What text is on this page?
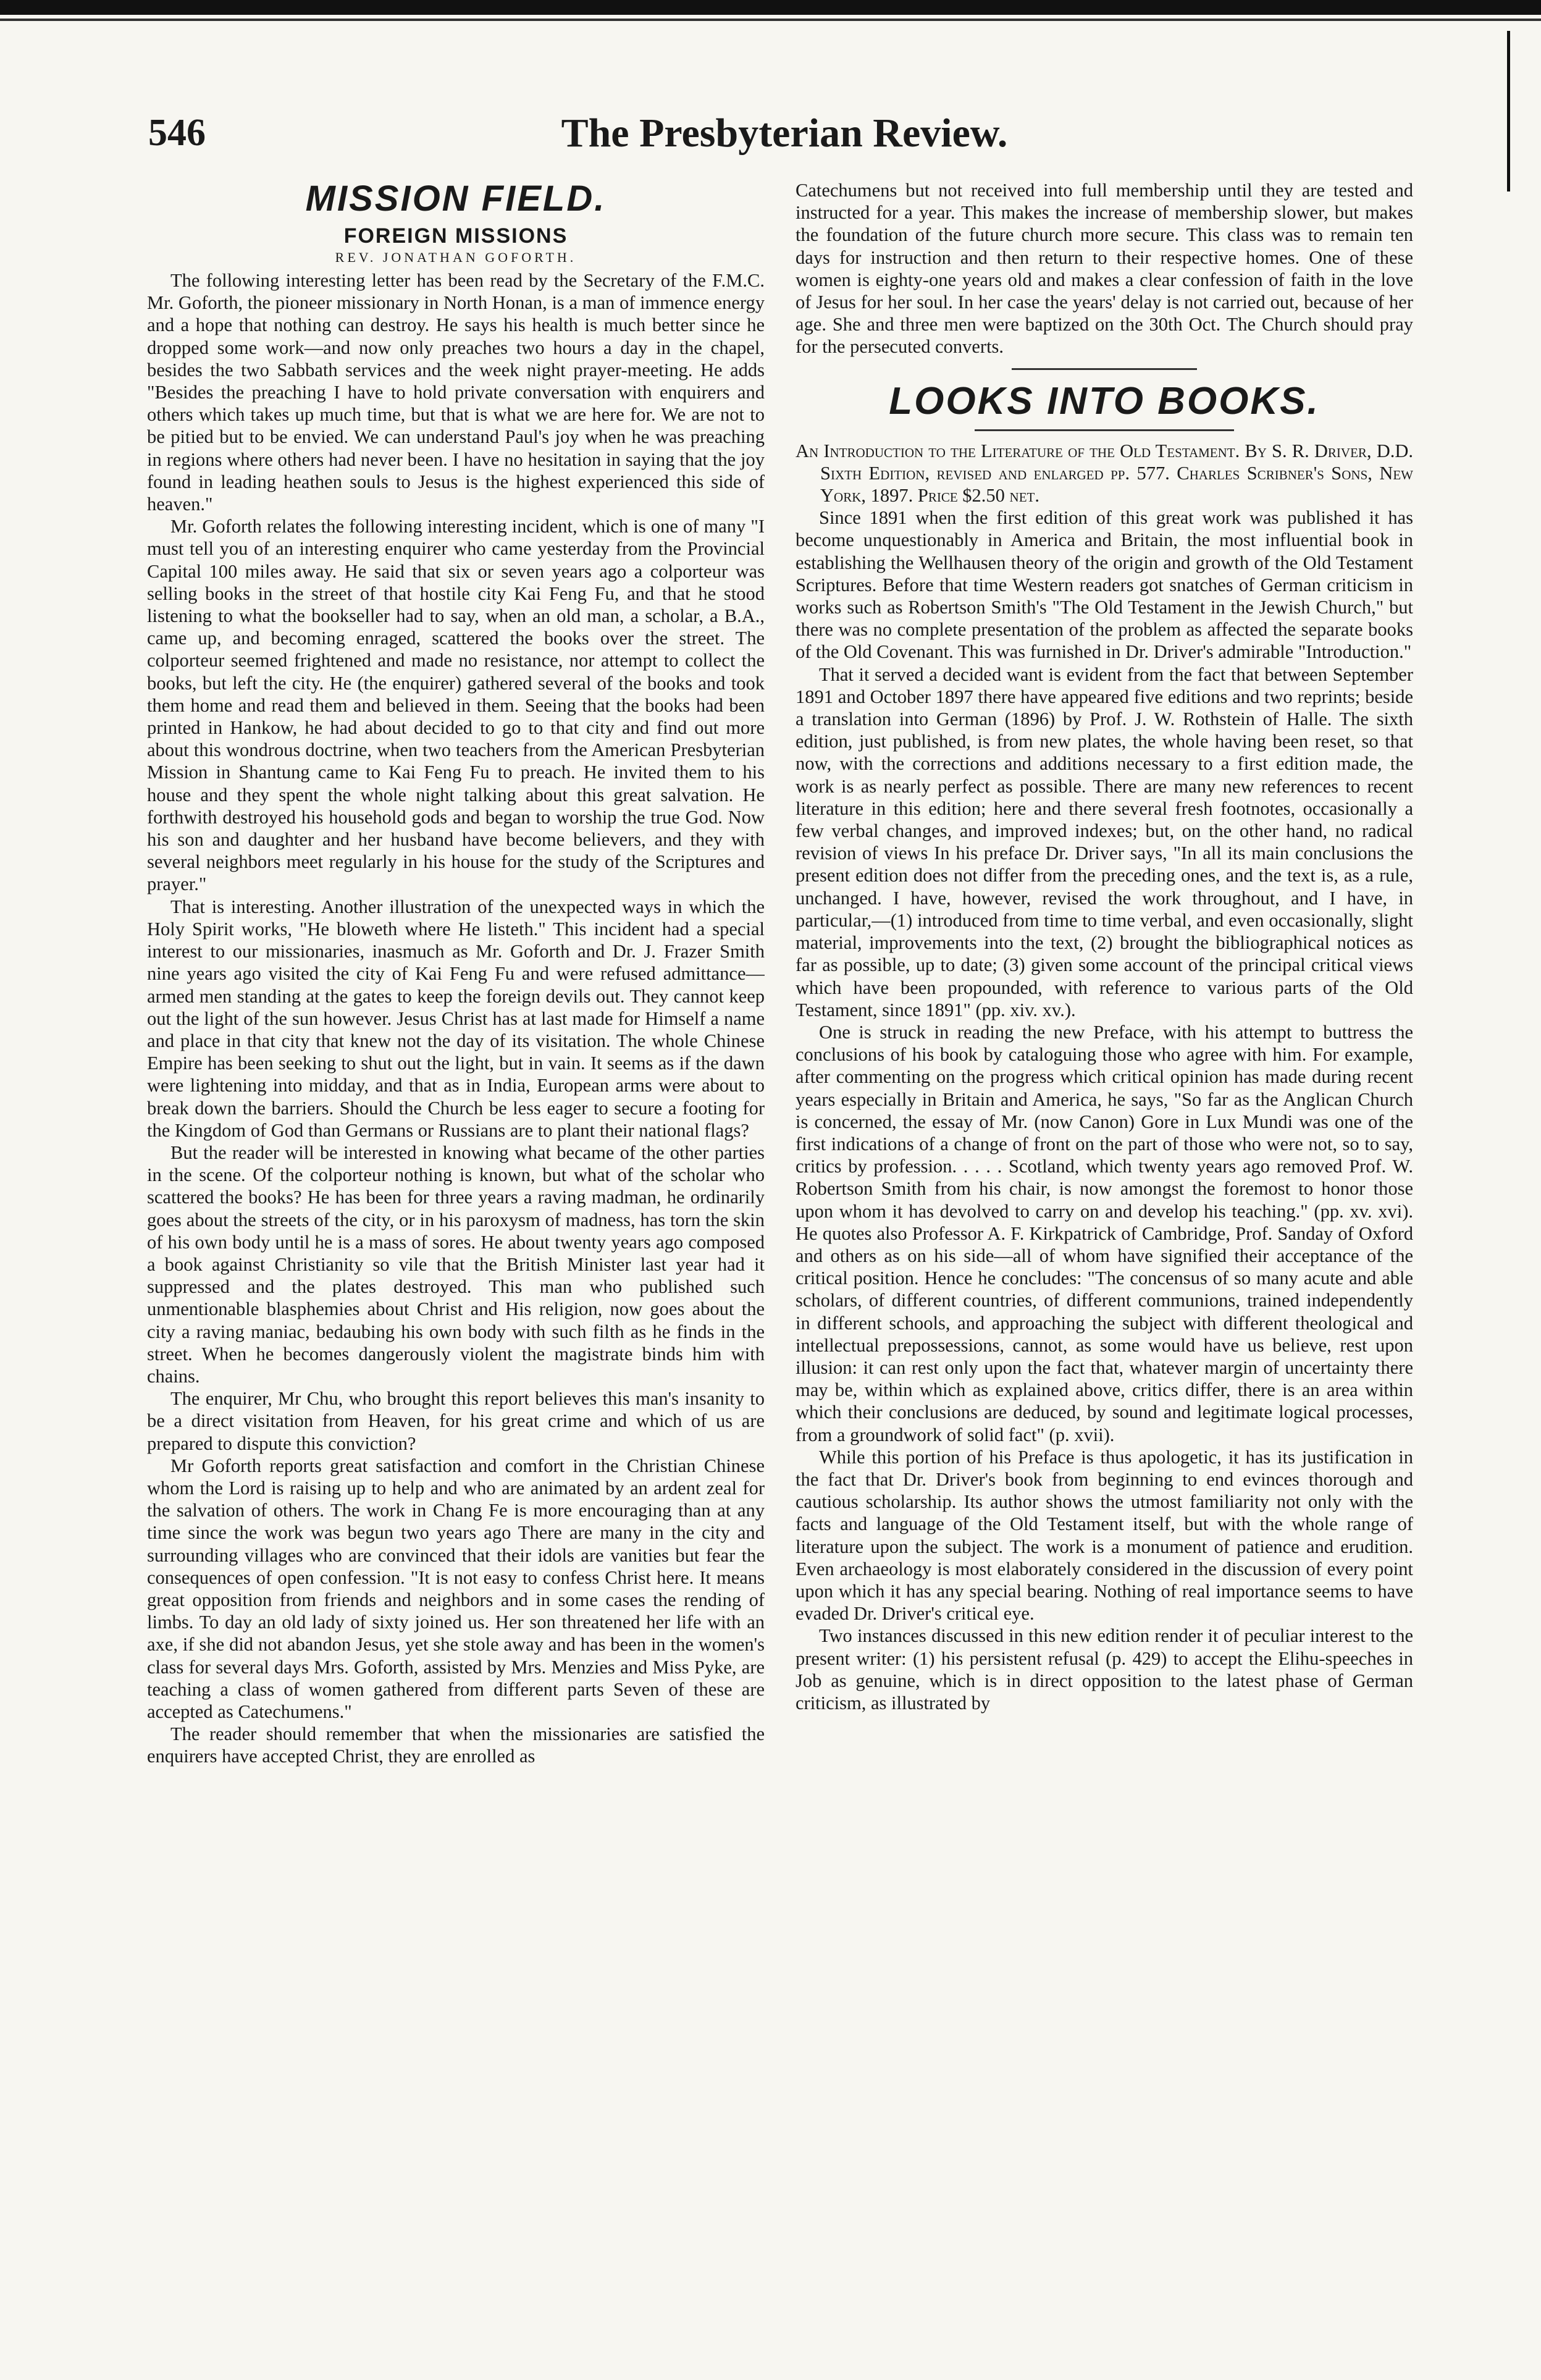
546	The Presbyterian Review.
MISSION FIELD.
FOREIGN MISSIONS
REV. JONATHAN GOFORTH.

The following interesting letter has been read by the Secretary of the F.M.C. Mr. Goforth, the pioneer missionary in North Honan, is a man of immence energy and a hope that nothing can destroy. He says his health is much better since he dropped some work—and now only preaches two hours a day in the chapel, besides the two Sabbath services and the week night prayer-meeting. He adds "Besides the preaching I have to hold private conversation with enquirers and others which takes up much time, but that is what we are here for. We are not to be pitied but to be envied. We can understand Paul's joy when he was preaching in regions where others had never been. I have no hesitation in saying that the joy found in leading heathen souls to Jesus is the highest experienced this side of heaven."

Mr. Goforth relates the following interesting incident, which is one of many "I must tell you of an interesting enquirer who came yesterday from the Provincial Capital 100 miles away. He said that six or seven years ago a colporteur was selling books in the street of that hostile city Kai Feng Fu, and that he stood listening to what the bookseller had to say, when an old man, a scholar, a B.A., came up, and becoming enraged, scattered the books over the street. The colporteur seemed frightened and made no resistance, nor attempt to collect the books, but left the city. He (the enquirer) gathered several of the books and took them home and read them and believed in them. Seeing that the books had been printed in Hankow, he had about decided to go to that city and find out more about this wondrous doctrine, when two teachers from the American Presbyterian Mission in Shantung came to Kai Feng Fu to preach. He invited them to his house and they spent the whole night talking about this great salvation. He forthwith destroyed his household gods and began to worship the true God. Now his son and daughter and her husband have become believers, and they with several neighbors meet regularly in his house for the study of the Scriptures and prayer."

That is interesting. Another illustration of the unexpected ways in which the Holy Spirit works, "He bloweth where He listeth." This incident had a special interest to our missionaries, inasmuch as Mr. Goforth and Dr. J. Frazer Smith nine years ago visited the city of Kai Feng Fu and were refused admittance—armed men standing at the gates to keep the foreign devils out. They cannot keep out the light of the sun however. Jesus Christ has at last made for Himself a name and place in that city that knew not the day of its visitation. The whole Chinese Empire has been seeking to shut out the light, but in vain. It seems as if the dawn were lightening into midday, and that as in India, European arms were about to break down the barriers. Should the Church be less eager to secure a footing for the Kingdom of God than Germans or Russians are to plant their national flags?

But the reader will be interested in knowing what became of the other parties in the scene. Of the colporteur nothing is known, but what of the scholar who scattered the books? He has been for three years a raving madman, he ordinarily goes about the streets of the city, or in his paroxysm of madness, has torn the skin of his own body until he is a mass of sores. He about twenty years ago composed a book against Christianity so vile that the British Minister last year had it suppressed and the plates destroyed. This man who published such unmentionable blasphemies about Christ and His religion, now goes about the city a raving maniac, bedaubing his own body with such filth as he finds in the street. When he becomes dangerously violent the magistrate binds him with chains.

The enquirer, Mr Chu, who brought this report believes this man's insanity to be a direct visitation from Heaven, for his great crime and which of us are prepared to dispute this conviction?

Mr Goforth reports great satisfaction and comfort in the Christian Chinese whom the Lord is raising up to help and who are animated by an ardent zeal for the salvation of others. The work in Chang Fe is more encouraging than at any time since the work was begun two years ago There are many in the city and surrounding villages who are convinced that their idols are vanities but fear the consequences of open confession. "It is not easy to confess Christ here. It means great opposition from friends and neighbors and in some cases the rending of limbs. To day an old lady of sixty joined us. Her son threatened her life with an axe, if she did not abandon Jesus, yet she stole away and has been in the women's class for several days Mrs. Goforth, assisted by Mrs. Menzies and Miss Pyke, are teaching a class of women gathered from different parts Seven of these are accepted as Catechumens."

The reader should remember that when the missionaries are satisfied the enquirers have accepted Christ, they are enrolled as

Catechumens but not received into full membership until they are tested and instructed for a year. This makes the increase of membership slower, but makes the foundation of the future church more secure. This class was to remain ten days for instruction and then return to their respective homes. One of these women is eighty-one years old and makes a clear confession of faith in the love of Jesus for her soul. In her case the years' delay is not carried out, because of her age. She and three men were baptized on the 30th Oct. The Church should pray for the persecuted converts.

LOOKS INTO BOOKS.

An Introduction to the Literature of the Old Testament. By S. R. Driver, D.D. Sixth Edition, revised and enlarged pp. 577. Charles Scribner's Sons, New York, 1897. Price $2.50 net.

Since 1891 when the first edition of this great work was published it has become unquestionably in America and Britain, the most influential book in establishing the Wellhausen theory of the origin and growth of the Old Testament Scriptures. Before that time Western readers got snatches of German criticism in works such as Robertson Smith's "The Old Testament in the Jewish Church," but there was no complete presentation of the problem as affected the separate books of the Old Covenant. This was furnished in Dr. Driver's admirable "Introduction."

That it served a decided want is evident from the fact that between September 1891 and October 1897 there have appeared five editions and two reprints; beside a translation into German (1896) by Prof. J. W. Rothstein of Halle. The sixth edition, just published, is from new plates, the whole having been reset, so that now, with the corrections and additions necessary to a first edition made, the work is as nearly perfect as possible. There are many new references to recent literature in this edition; here and there several fresh footnotes, occasionally a few verbal changes, and improved indexes; but, on the other hand, no radical revision of views In his preface Dr. Driver says, "In all its main conclusions the present edition does not differ from the preceding ones, and the text is, as a rule, unchanged. I have, however, revised the work throughout, and I have, in particular,—(1) introduced from time to time verbal, and even occasionally, slight material, improvements into the text, (2) brought the bibliographical notices as far as possible, up to date; (3) given some account of the principal critical views which have been propounded, with reference to various parts of the Old Testament, since 1891" (pp. xiv. xv.).

One is struck in reading the new Preface, with his attempt to buttress the conclusions of his book by cataloguing those who agree with him. For example, after commenting on the progress which critical opinion has made during recent years especially in Britain and America, he says, "So far as the Anglican Church is concerned, the essay of Mr. (now Canon) Gore in Lux Mundi was one of the first indications of a change of front on the part of those who were not, so to say, critics by profession. . . . . Scotland, which twenty years ago removed Prof. W. Robertson Smith from his chair, is now amongst the foremost to honor those upon whom it has devolved to carry on and develop his teaching." (pp. xv. xvi). He quotes also Professor A. F. Kirkpatrick of Cambridge, Prof. Sanday of Oxford and others as on his side—all of whom have signified their acceptance of the critical position. Hence he concludes: "The concensus of so many acute and able scholars, of different countries, of different communions, trained independently in different schools, and approaching the subject with different theological and intellectual prepossessions, cannot, as some would have us believe, rest upon illusion: it can rest only upon the fact that, whatever margin of uncertainty there may be, within which as explained above, critics differ, there is an area within which their conclusions are deduced, by sound and legitimate logical processes, from a groundwork of solid fact" (p. xvii).

While this portion of his Preface is thus apologetic, it has its justification in the fact that Dr. Driver's book from beginning to end evinces thorough and cautious scholarship. Its author shows the utmost familiarity not only with the facts and language of the Old Testament itself, but with the whole range of literature upon the subject. The work is a monument of patience and erudition. Even archaeology is most elaborately considered in the discussion of every point upon which it has any special bearing. Nothing of real importance seems to have evaded Dr. Driver's critical eye.

Two instances discussed in this new edition render it of peculiar interest to the present writer: (1) his persistent refusal (p. 429) to accept the Elihu-speeches in Job as genuine, which is in direct opposition to the latest phase of German criticism, as illustrated by
